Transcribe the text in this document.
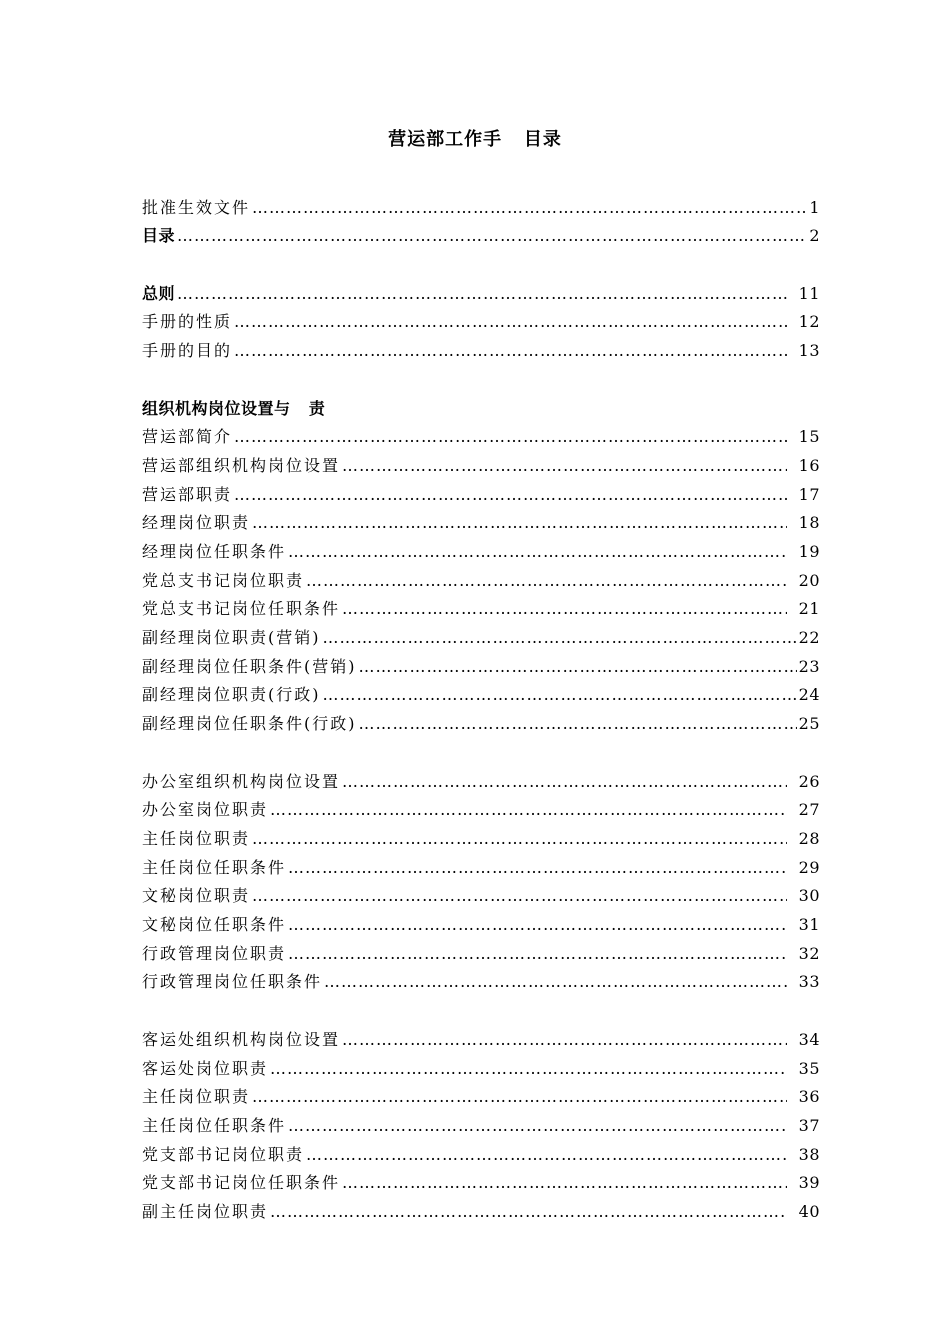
营运部工作手   目录
批准生效文件 …………………………………………………………………………………………………………………………………………………………………………………	1
目录 …………………………………………………………………………………………………………………………………………………………………………………	2
总则 …………………………………………………………………………………………………………………………………………………………………………………	11
手册的性质 …………………………………………………………………………………………………………………………………………………………………………………	12
手册的目的 …………………………………………………………………………………………………………………………………………………………………………………	13
组织机构岗位设置与   责
营运部简介 …………………………………………………………………………………………………………………………………………………………………………………	15
营运部组织机构岗位设置 …………………………………………………………………………………………………………………………………………………………………………………	16
营运部职责 …………………………………………………………………………………………………………………………………………………………………………………	17
经理岗位职责 …………………………………………………………………………………………………………………………………………………………………………………	18
经理岗位任职条件 …………………………………………………………………………………………………………………………………………………………………………………	19
党总支书记岗位职责 …………………………………………………………………………………………………………………………………………………………………………………	20
党总支书记岗位任职条件 …………………………………………………………………………………………………………………………………………………………………………………	21
副经理岗位职责(营销) …………………………………………………………………………………………………………………………………………………………………………………	22
副经理岗位任职条件(营销) …………………………………………………………………………………………………………………………………………………………………………………	23
副经理岗位职责(行政) …………………………………………………………………………………………………………………………………………………………………………………	24
副经理岗位任职条件(行政) …………………………………………………………………………………………………………………………………………………………………………………	25
办公室组织机构岗位设置 …………………………………………………………………………………………………………………………………………………………………………………	26
办公室岗位职责 …………………………………………………………………………………………………………………………………………………………………………………	27
主任岗位职责 …………………………………………………………………………………………………………………………………………………………………………………	28
主任岗位任职条件 …………………………………………………………………………………………………………………………………………………………………………………	29
文秘岗位职责 …………………………………………………………………………………………………………………………………………………………………………………	30
文秘岗位任职条件 …………………………………………………………………………………………………………………………………………………………………………………	31
行政管理岗位职责 …………………………………………………………………………………………………………………………………………………………………………………	32
行政管理岗位任职条件 …………………………………………………………………………………………………………………………………………………………………………………	33
客运处组织机构岗位设置 …………………………………………………………………………………………………………………………………………………………………………………	34
客运处岗位职责 …………………………………………………………………………………………………………………………………………………………………………………	35
主任岗位职责 …………………………………………………………………………………………………………………………………………………………………………………	36
主任岗位任职条件 …………………………………………………………………………………………………………………………………………………………………………………	37
党支部书记岗位职责 …………………………………………………………………………………………………………………………………………………………………………………	38
党支部书记岗位任职条件 …………………………………………………………………………………………………………………………………………………………………………………	39
副主任岗位职责 …………………………………………………………………………………………………………………………………………………………………………………	40
